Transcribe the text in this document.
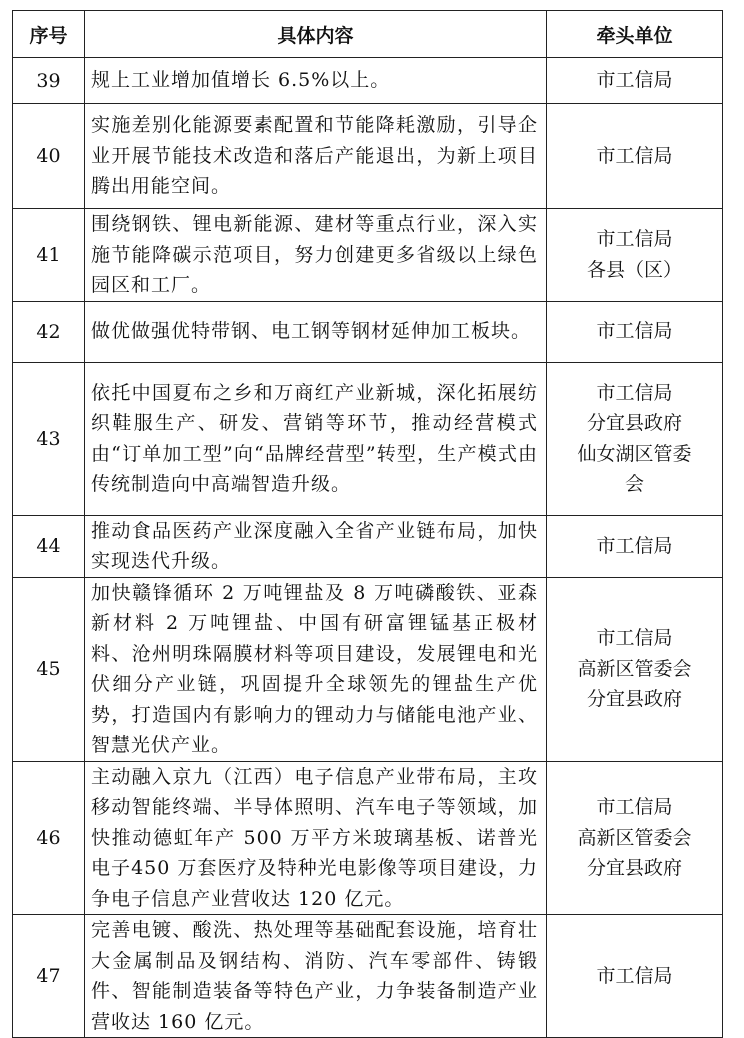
序号	具体内容	牵头单位
39	规上工业增加值增长 6.5%以上。	市工信局

40	实施差别化能源要素配置和节能降耗激励，引导企业开展节能技术改造和落后产能退出，为新上项目腾出用能空间。	市工信局

41	围绕钢铁、锂电新能源、建材等重点行业，深入实施节能降碳示范项目，努力创建更多省级以上绿色园区和工厂。	市工信局
各县（区）

42	做优做强优特带钢、电工钢等钢材延伸加工板块。	市工信局

43	依托中国夏布之乡和万商红产业新城，深化拓展纺织鞋服生产、研发、营销等环节，推动经营模式由“订单加工型”向“品牌经营型”转型，生产模式由传统制造向中高端智造升级。	市工信局
分宜县政府
仙女湖区管委
会

44	推动食品医药产业深度融入全省产业链布局，加快实现迭代升级。	市工信局

45	加快赣锋循环 2 万吨锂盐及 8 万吨磷酸铁、亚森新材料 2 万吨锂盐、中国有研富锂锰基正极材料、沧州明珠隔膜材料等项目建设，发展锂电和光伏细分产业链，巩固提升全球领先的锂盐生产优势，打造国内有影响力的锂动力与储能电池产业、智慧光伏产业。	市工信局
高新区管委会
分宜县政府

46	主动融入京九（江西）电子信息产业带布局，主攻移动智能终端、半导体照明、汽车电子等领域，加快推动德虹年产 500 万平方米玻璃基板、诺普光电子450 万套医疗及特种光电影像等项目建设，力争电子信息产业营收达 120 亿元。	市工信局
高新区管委会
分宜县政府

47	完善电镀、酸洗、热处理等基础配套设施，培育壮大金属制品及钢结构、消防、汽车零部件、铸锻件、智能制造装备等特色产业，力争装备制造产业营收达 160 亿元。	市工信局
